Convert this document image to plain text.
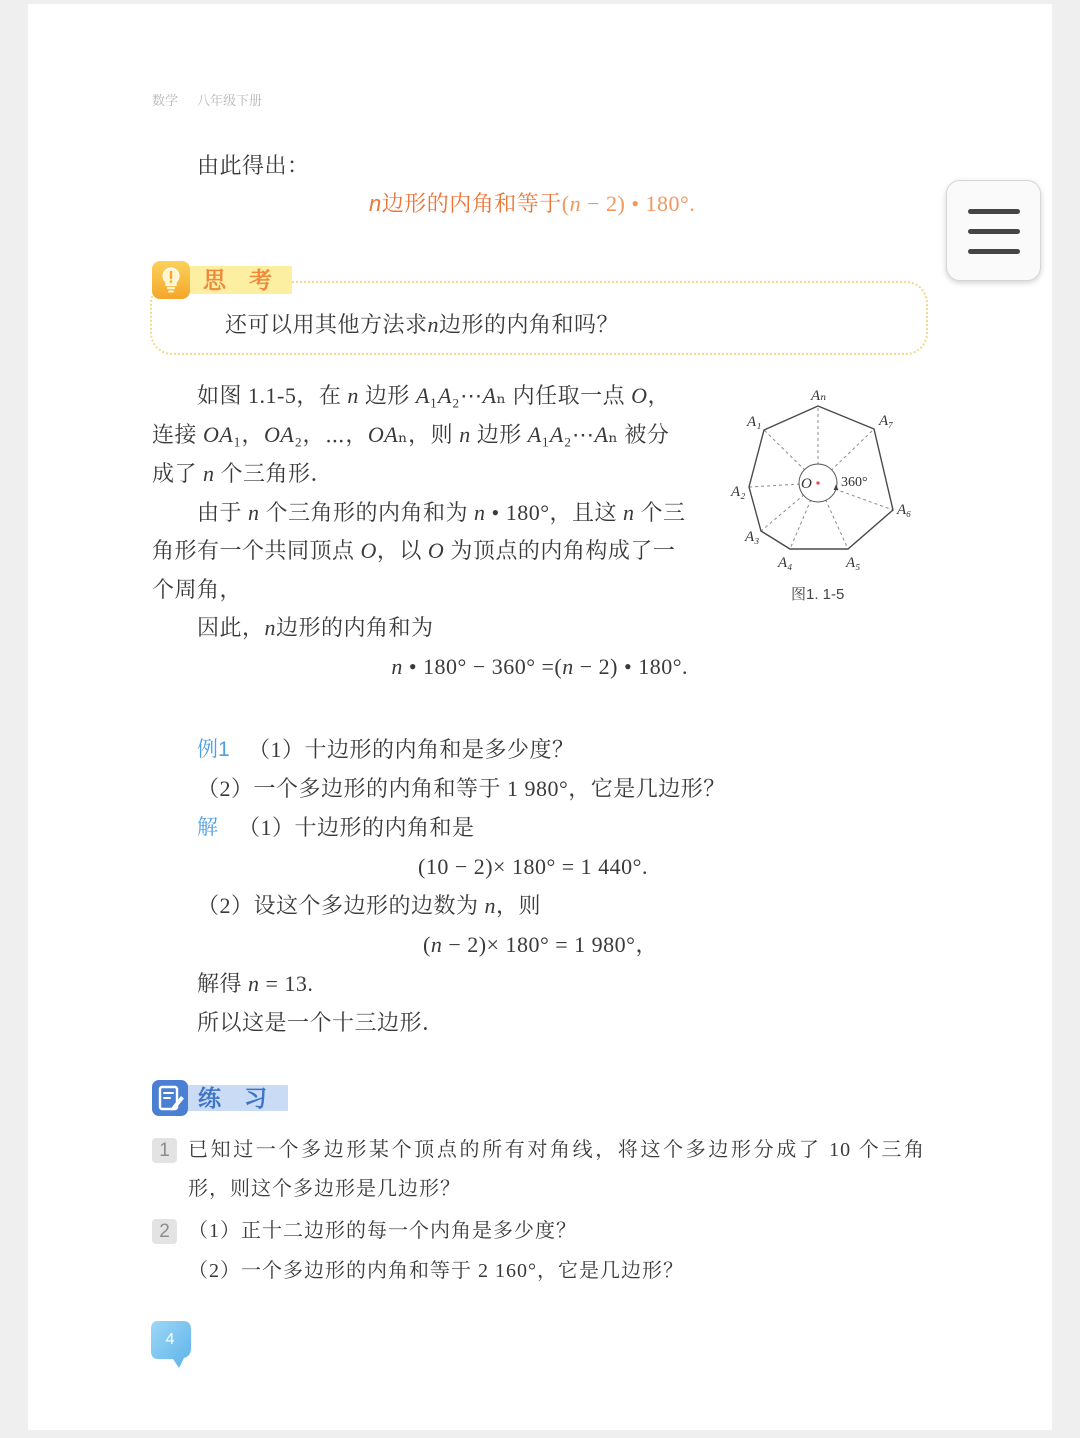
数学 八年级下册
由此得出：
n边形的内角和等于(n − 2) • 180°.
思　考
还可以用其他方法求n边形的内角和吗？
如图 1.1-5，在 n 边形 A₁A₂⋯Aₙ 内任取一点 O，
连接 OA₁，OA₂，⋯，OAₙ，则 n 边形 A₁A₂⋯Aₙ 被分
成了 n 个三角形．
由于 n 个三角形的内角和为 n • 180°，且这 n 个三
角形有一个共同顶点 O，以 O 为顶点的内角构成了一
个周角，
因此，n边形的内角和为
n • 180° − 360° =(n − 2) • 180°.
Aₙ
A₁
A₂
A₃
A₄	A₅
A₆
A₇
O 360°
图1. 1-5
例1 （1）十边形的内角和是多少度？
（2）一个多边形的内角和等于 1 980°，它是几边形？
解 （1）十边形的内角和是
(10 − 2)× 180° = 1 440°.
（2）设这个多边形的边数为 n，则
(n − 2)× 180° = 1 980°，
解得 n = 13.
所以这是一个十三边形．
练　习
1 已知过一个多边形某个顶点的所有对角线，将这个多边形分成了 10 个三角
形，则这个多边形是几边形？
2 （1）正十二边形的每一个内角是多少度？
（2）一个多边形的内角和等于 2 160°，它是几边形？
4
